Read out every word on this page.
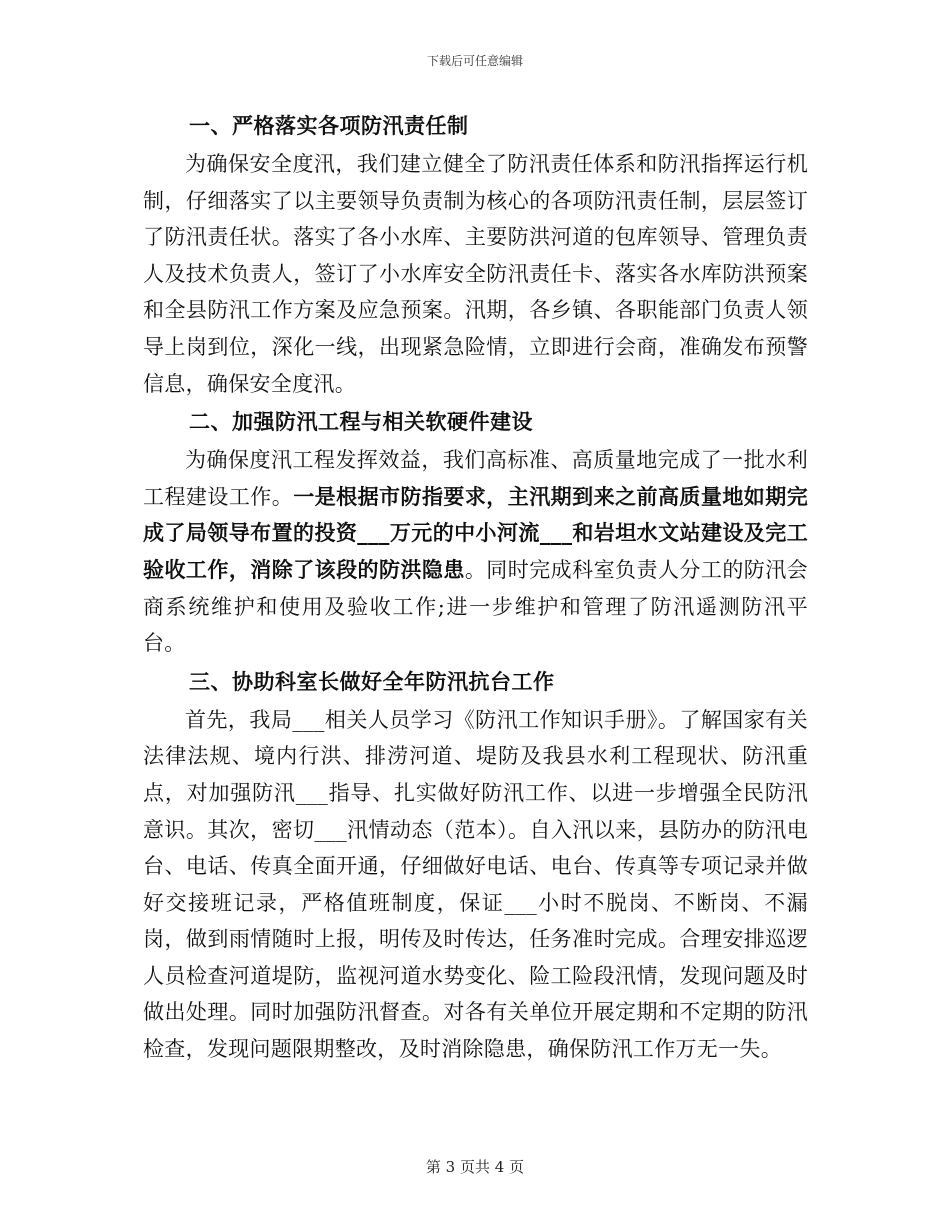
下载后可任意编辑
一、严格落实各项防汛责任制

为确保安全度汛，我们建立健全了防汛责任体系和防汛指挥运行机制，仔细落实了以主要领导负责制为核心的各项防汛责任制，层层签订了防汛责任状。落实了各小水库、主要防洪河道的包库领导、管理负责人及技术负责人，签订了小水库安全防汛责任卡、落实各水库防洪预案和全县防汛工作方案及应急预案。汛期，各乡镇、各职能部门负责人领导上岗到位，深化一线，出现紧急险情，立即进行会商，准确发布预警信息，确保安全度汛。

二、加强防汛工程与相关软硬件建设

为确保度汛工程发挥效益，我们高标准、高质量地完成了一批水利工程建设工作。一是根据市防指要求，主汛期到来之前高质量地如期完成了局领导布置的投资___万元的中小河流___和岩坦水文站建设及完工验收工作，消除了该段的防洪隐患。同时完成科室负责人分工的防汛会商系统维护和使用及验收工作;进一步维护和管理了防汛遥测防汛平台。

三、协助科室长做好全年防汛抗台工作

首先，我局___相关人员学习《防汛工作知识手册》。了解国家有关法律法规、境内行洪、排涝河道、堤防及我县水利工程现状、防汛重点，对加强防汛___指导、扎实做好防汛工作、以进一步增强全民防汛意识。其次，密切___汛情动态（范本）。自入汛以来，县防办的防汛电台、电话、传真全面开通，仔细做好电话、电台、传真等专项记录并做好交接班记录，严格值班制度，保证___小时不脱岗、不断岗、不漏岗，做到雨情随时上报，明传及时传达，任务准时完成。合理安排巡逻人员检查河道堤防，监视河道水势变化、险工险段汛情，发现问题及时做出处理。同时加强防汛督查。对各有关单位开展定期和不定期的防汛检查，发现问题限期整改，及时消除隐患，确保防汛工作万无一失。

第 3 页共 4 页
